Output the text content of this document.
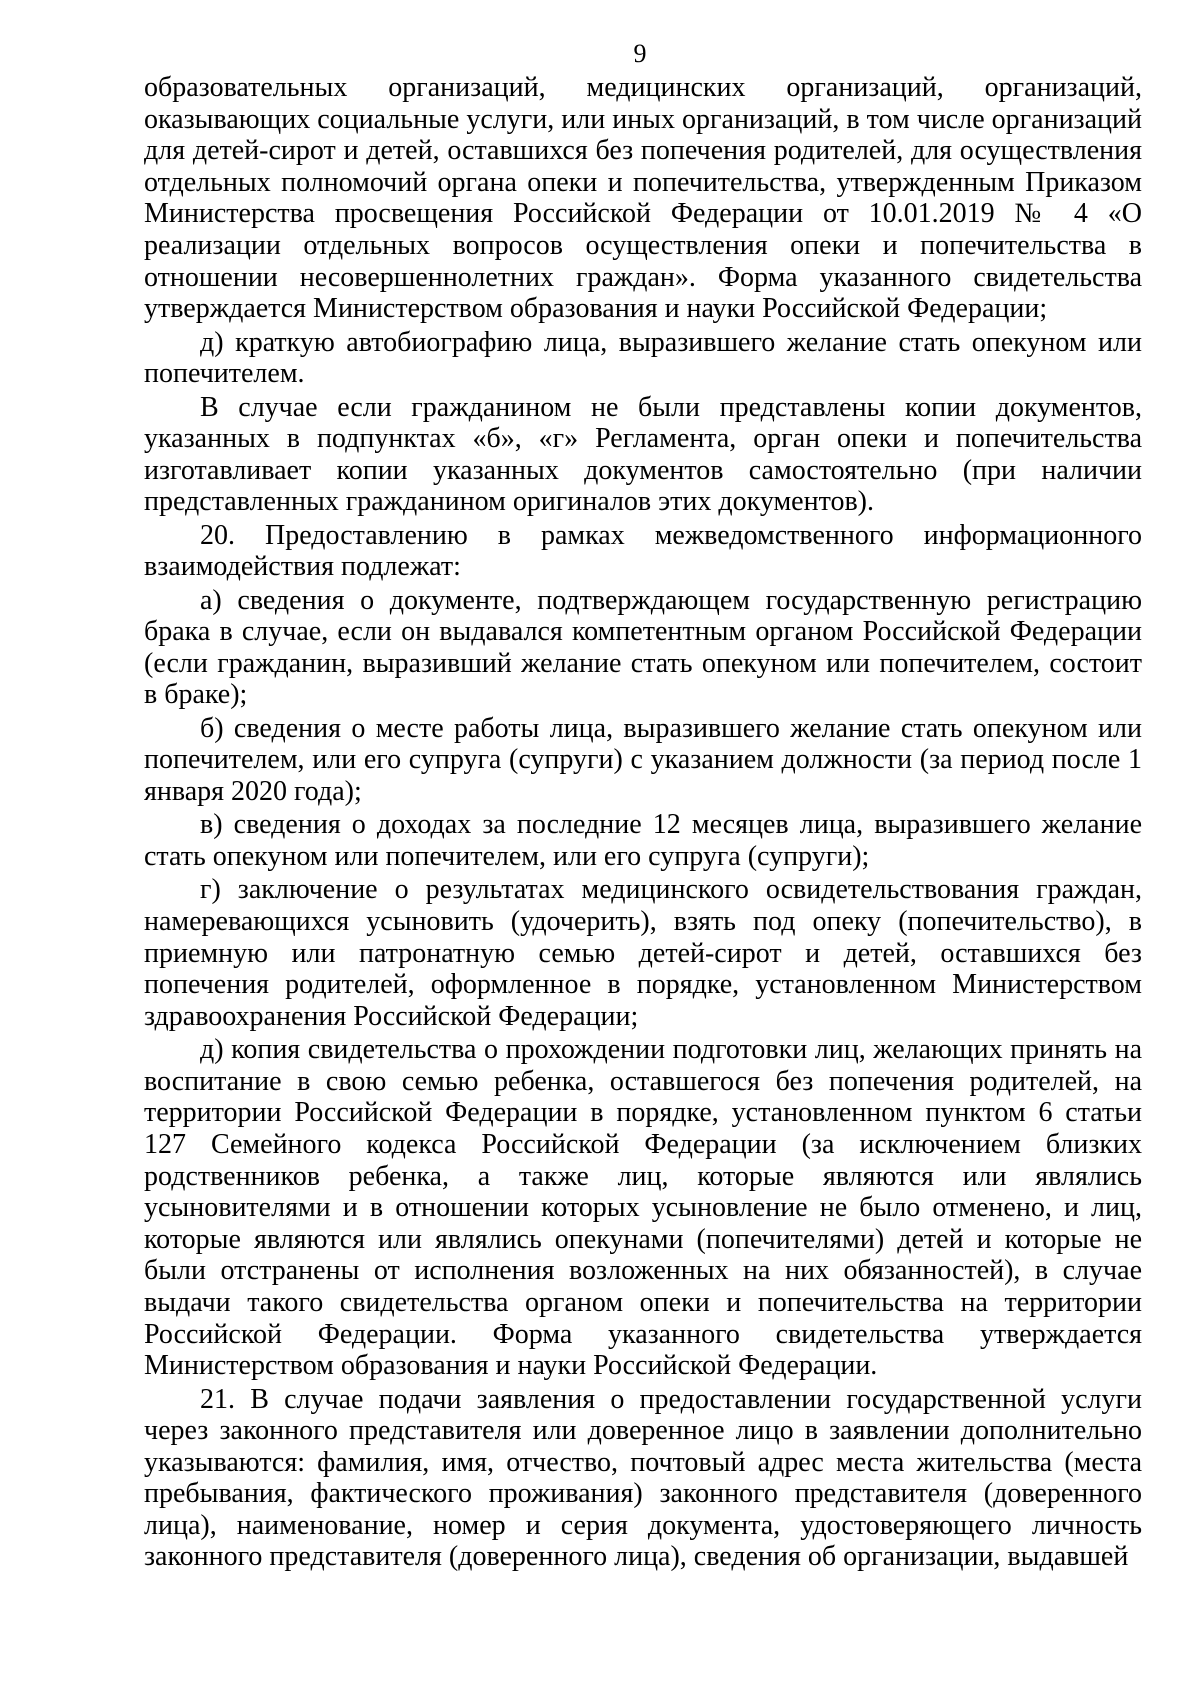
9

образовательных организаций, медицинских организаций, организаций, оказывающих социальные услуги, или иных организаций, в том числе организаций для детей-сирот и детей, оставшихся без попечения родителей, для осуществления отдельных полномочий органа опеки и попечительства, утвержденным Приказом Министерства просвещения Российской Федерации от 10.01.2019 № 4 «О реализации отдельных вопросов осуществления опеки и попечительства в отношении несовершеннолетних граждан». Форма указанного свидетельства утверждается Министерством образования и науки Российской Федерации;

д) краткую автобиографию лица, выразившего желание стать опекуном или попечителем.

В случае если гражданином не были представлены копии документов, указанных в подпунктах «б», «г» Регламента, орган опеки и попечительства изготавливает копии указанных документов самостоятельно (при наличии представленных гражданином оригиналов этих документов).

20. Предоставлению в рамках межведомственного информационного взаимодействия подлежат:

а) сведения о документе, подтверждающем государственную регистрацию брака в случае, если он выдавался компетентным органом Российской Федерации (если гражданин, выразивший желание стать опекуном или попечителем, состоит в браке);

б) сведения о месте работы лица, выразившего желание стать опекуном или попечителем, или его супруга (супруги) с указанием должности (за период после 1 января 2020 года);

в) сведения о доходах за последние 12 месяцев лица, выразившего желание стать опекуном или попечителем, или его супруга (супруги);

г) заключение о результатах медицинского освидетельствования граждан, намеревающихся усыновить (удочерить), взять под опеку (попечительство), в приемную или патронатную семью детей-сирот и детей, оставшихся без попечения родителей, оформленное в порядке, установленном Министерством здравоохранения Российской Федерации;

д) копия свидетельства о прохождении подготовки лиц, желающих принять на воспитание в свою семью ребенка, оставшегося без попечения родителей, на территории Российской Федерации в порядке, установленном пунктом 6 статьи 127 Семейного кодекса Российской Федерации (за исключением близких родственников ребенка, а также лиц, которые являются или являлись усыновителями и в отношении которых усыновление не было отменено, и лиц, которые являются или являлись опекунами (попечителями) детей и которые не были отстранены от исполнения возложенных на них обязанностей), в случае выдачи такого свидетельства органом опеки и попечительства на территории Российской Федерации. Форма указанного свидетельства утверждается Министерством образования и науки Российской Федерации.

21. В случае подачи заявления о предоставлении государственной услуги через законного представителя или доверенное лицо в заявлении дополнительно указываются: фамилия, имя, отчество, почтовый адрес места жительства (места пребывания, фактического проживания) законного представителя (доверенного лица), наименование, номер и серия документа, удостоверяющего личность законного представителя (доверенного лица), сведения об организации, выдавшей
